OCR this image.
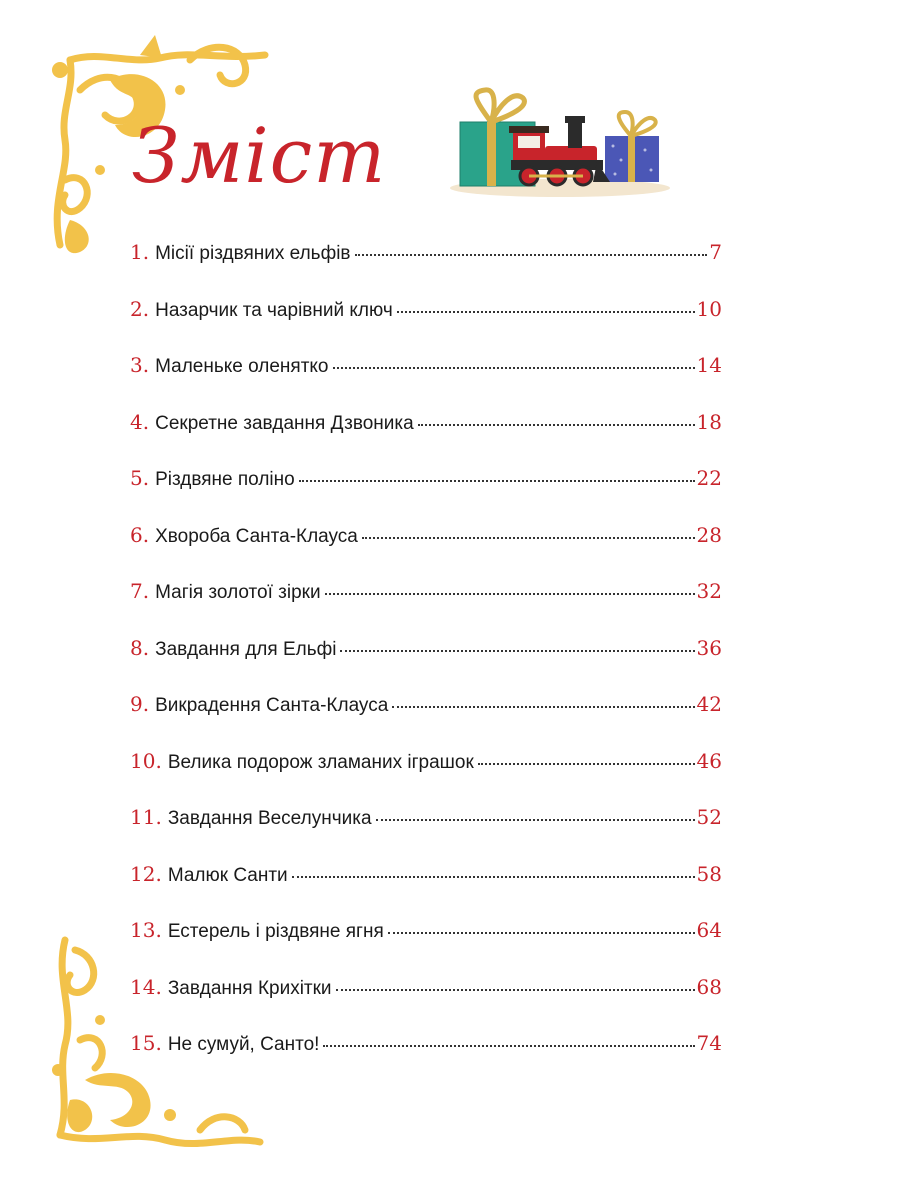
Зміст
1. Місії різдвяних ельфів	7
2. Назарчик та чарівний ключ	10
3. Маленьке оленятко	14
4. Секретне завдання Дзвоника	18
5. Різдвяне поліно	22
6. Хвороба Санта-Клауса	28
7. Магія золотої зірки	32
8. Завдання для Ельфі	36
9. Викрадення Санта-Клауса	42
10. Велика подорож зламаних іграшок	46
11. Завдання Веселунчика	52
12. Малюк Санти	58
13. Естерель і різдвяне ягня	64
14. Завдання Крихітки	68
15. Не сумуй, Санто!	74
